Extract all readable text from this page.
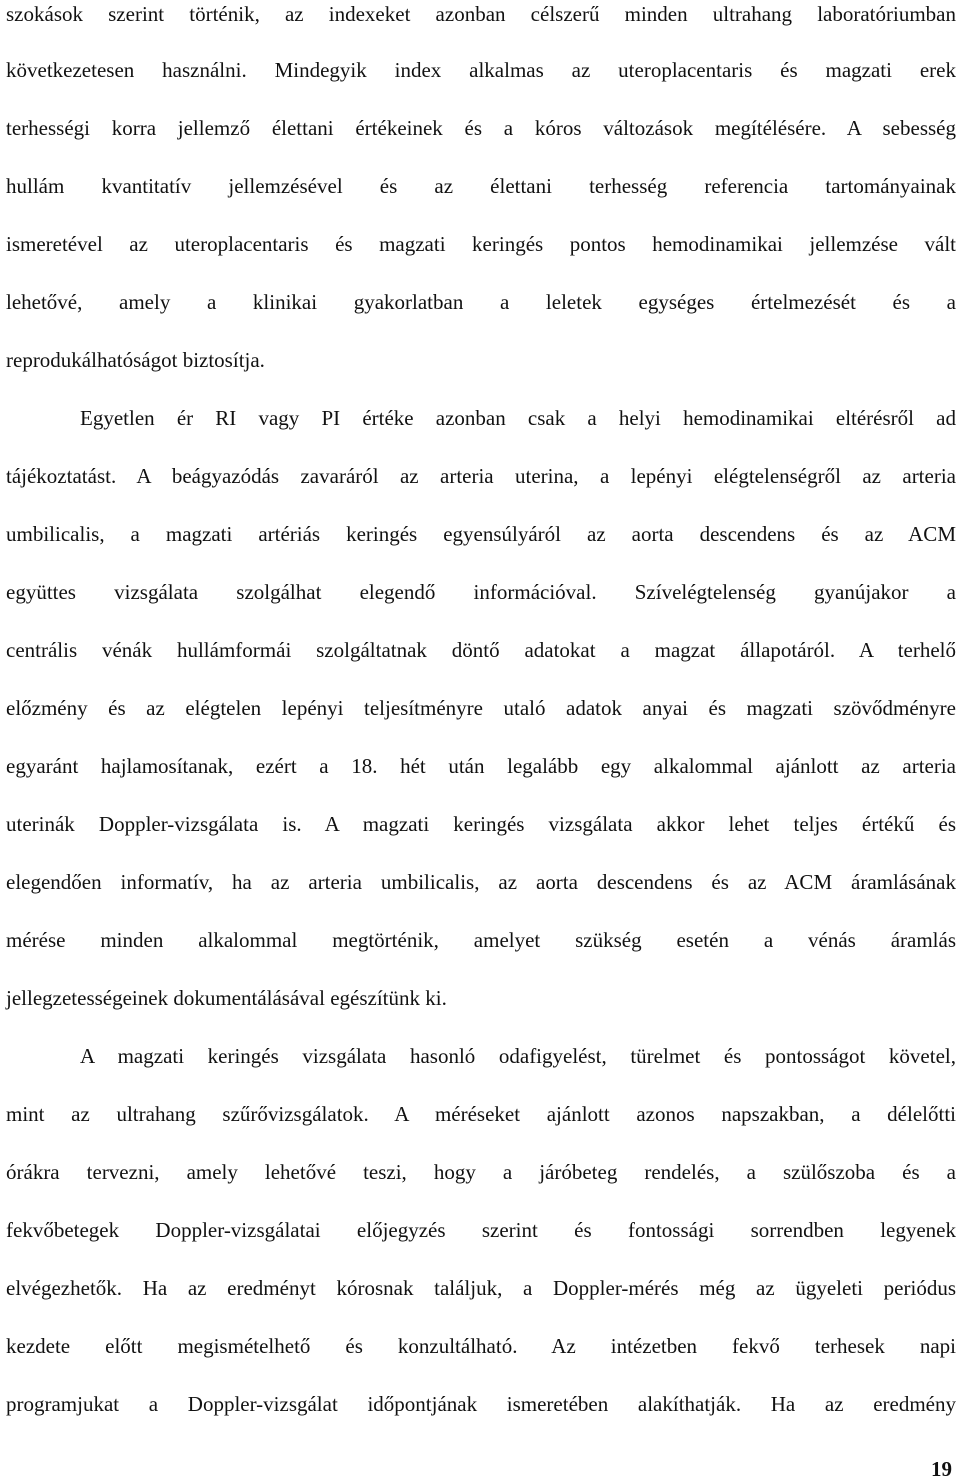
szokások szerint történik, az indexeket azonban célszerű minden ultrahang laboratóriumban
következetesen használni. Mindegyik index alkalmas az uteroplacentaris és magzati erek
terhességi korra jellemző élettani értékeinek és a kóros változások megítélésére. A sebesség
hullám kvantitatív jellemzésével és az élettani terhesség referencia tartományainak
ismeretével az uteroplacentaris és magzati keringés pontos hemodinamikai jellemzése vált
lehetővé, amely a klinikai gyakorlatban a leletek egységes értelmezését és a
reprodukálhatóságot biztosítja.
Egyetlen ér RI vagy PI értéke azonban csak a helyi hemodinamikai eltérésről ad
tájékoztatást. A beágyazódás zavaráról az arteria uterina, a lepényi elégtelenségről az arteria
umbilicalis, a magzati artériás keringés egyensúlyáról az aorta descendens és az ACM
együttes vizsgálata szolgálhat elegendő információval. Szívelégtelenség gyanújakor a
centrális vénák hullámformái szolgáltatnak döntő adatokat a magzat állapotáról. A terhelő
előzmény és az elégtelen lepényi teljesítményre utaló adatok anyai és magzati szövődményre
egyaránt hajlamosítanak, ezért a 18. hét után legalább egy alkalommal ajánlott az arteria
uterinák Doppler-vizsgálata is. A magzati keringés vizsgálata akkor lehet teljes értékű és
elegendően informatív, ha az arteria umbilicalis, az aorta descendens és az ACM áramlásának
mérése minden alkalommal megtörténik, amelyet szükség esetén a vénás áramlás
jellegzetességeinek dokumentálásával egészítünk ki.
A magzati keringés vizsgálata hasonló odafigyelést, türelmet és pontosságot követel,
mint az ultrahang szűrővizsgálatok. A méréseket ajánlott azonos napszakban, a délelőtti
órákra tervezni, amely lehetővé teszi, hogy a járóbeteg rendelés, a szülőszoba és a
fekvőbetegek Doppler-vizsgálatai előjegyzés szerint és fontossági sorrendben legyenek
elvégezhetők. Ha az eredményt kórosnak találjuk, a Doppler-mérés még az ügyeleti periódus
kezdete előtt megismételhető és konzultálható. Az intézetben fekvő terhesek napi
programjukat a Doppler-vizsgálat időpontjának ismeretében alakíthatják. Ha az eredmény
19
